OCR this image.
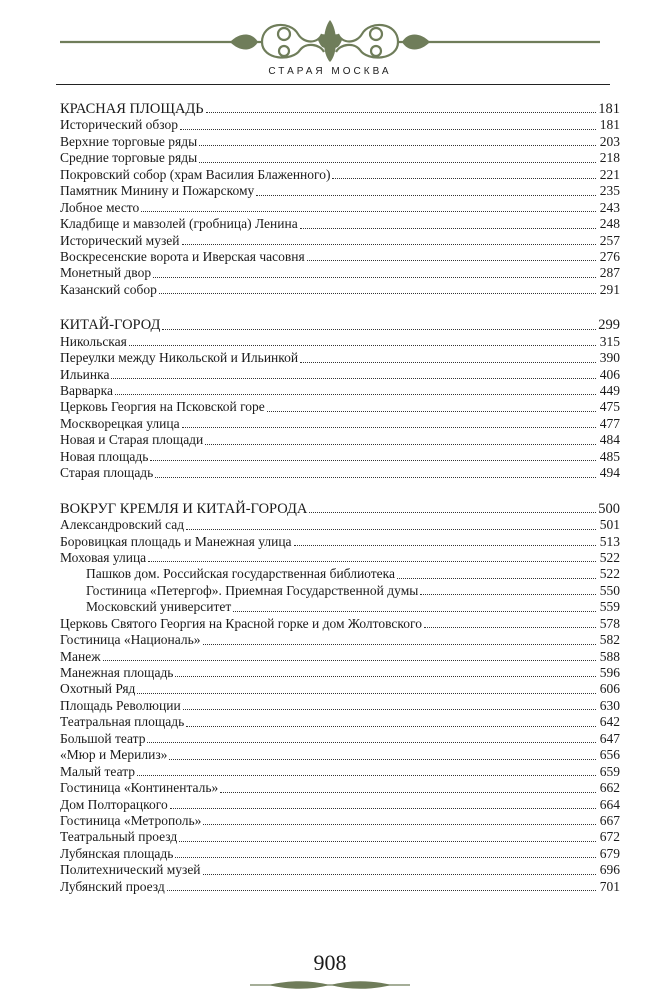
СТАРАЯ МОСКВА
КРАСНАЯ ПЛОЩАДЬ	181
Исторический обзор	181
Верхние торговые ряды	203
Средние торговые ряды	218
Покровский собор (храм Василия Блаженного)	221
Памятник Минину и Пожарскому	235
Лобное место	243
Кладбище и мавзолей (гробница) Ленина	248
Исторический музей	257
Воскресенские ворота и Иверская часовня	276
Монетный двор	287
Казанский собор	291
КИТАЙ-ГОРОД	299
Никольская	315
Переулки между Никольской и Ильинкой	390
Ильинка	406
Варварка	449
Церковь Георгия на Псковской горе	475
Москворецкая улица	477
Новая и Старая площади	484
Новая площадь	485
Старая площадь	494
ВОКРУГ КРЕМЛЯ И КИТАЙ-ГОРОДА	500
Александровский сад	501
Боровицкая площадь и Манежная улица	513
Моховая улица	522
Пашков дом. Российская государственная библиотека	522
Гостиница «Петергоф». Приемная Государственной думы	550
Московский университет	559
Церковь Святого Георгия на Красной горке и дом Жолтовского	578
Гостиница «Националь»	582
Манеж	588
Манежная площадь	596
Охотный Ряд	606
Площадь Революции	630
Театральная площадь	642
Большой театр	647
«Мюр и Мерилиз»	656
Малый театр	659
Гостиница «Континенталь»	662
Дом Полторацкого	664
Гостиница «Метрополь»	667
Театральный проезд	672
Лубянская площадь	679
Политехнический музей	696
Лубянский проезд	701
908
